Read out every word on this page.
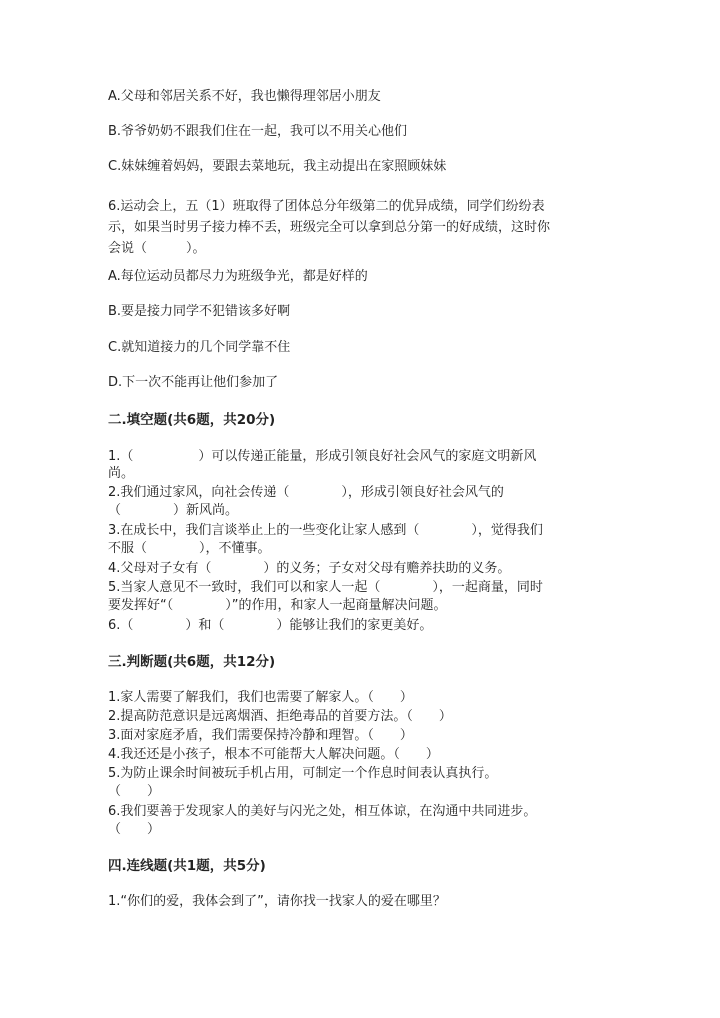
A.父母和邻居关系不好，我也懒得理邻居小朋友
B.爷爷奶奶不跟我们住在一起，我可以不用关心他们
C.妹妹缠着妈妈，要跟去菜地玩，我主动提出在家照顾妹妹
6.运动会上，五（1）班取得了团体总分年级第二的优异成绩，同学们纷纷表
示，如果当时男子接力棒不丢，班级完全可以拿到总分第一的好成绩，这时你
会说（　　　）。
A.每位运动员都尽力为班级争光，都是好样的
B.要是接力同学不犯错该多好啊
C.就知道接力的几个同学靠不住
D.下一次不能再让他们参加了
二.填空题(共6题，共20分)
1.（　　　　　）可以传递正能量，形成引领良好社会风气的家庭文明新风
尚。
2.我们通过家风，向社会传递（　　　　），形成引领良好社会风气的
（　　　　）新风尚。
3.在成长中，我们言谈举止上的一些变化让家人感到（　　　　），觉得我们
不服（　　　　），不懂事。
4.父母对子女有（　　　　）的义务；子女对父母有赡养扶助的义务。
5.当家人意见不一致时，我们可以和家人一起（　　　　），一起商量，同时
要发挥好“（　　　　）”的作用，和家人一起商量解决问题。
6.（　　　　）和（　　　　）能够让我们的家更美好。
三.判断题(共6题，共12分)
1.家人需要了解我们，我们也需要了解家人。（　　）
2.提高防范意识是远离烟酒、拒绝毒品的首要方法。（　　）
3.面对家庭矛盾，我们需要保持冷静和理智。（　　）
4.我还还是小孩子，根本不可能帮大人解决问题。（　　）
5.为防止课余时间被玩手机占用，可制定一个作息时间表认真执行。
（　　）
6.我们要善于发现家人的美好与闪光之处，相互体谅，在沟通中共同进步。
（　　）
四.连线题(共1题，共5分)
1.“你们的爱，我体会到了”，请你找一找家人的爱在哪里？
